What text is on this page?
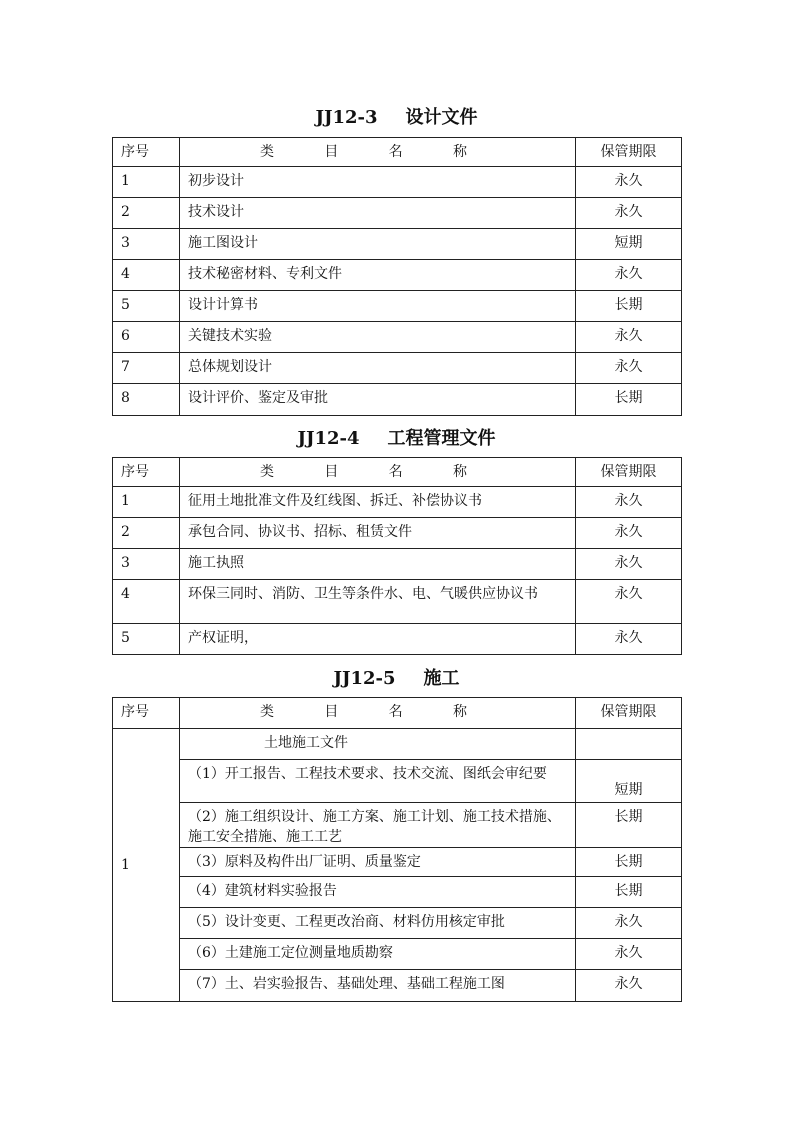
JJ12-3 设计文件
序号	类 目 名 称	保管期限
1	初步设计	永久
2	技术设计	永久
3	施工图设计	短期
4	技术秘密材料、专利文件	永久
5	设计计算书	长期
6	关键技术实验	永久
7	总体规划设计	永久
8	设计评价、鉴定及审批	长期
JJ12-4 工程管理文件
序号	类 目 名 称	保管期限
1	征用土地批准文件及红线图、拆迁、补偿协议书	永久
2	承包合同、协议书、招标、租赁文件	永久
3	施工执照	永久
4	环保三同时、消防、卫生等条件水、电、气暖供应协议书	永久
5	产权证明，	永久
JJ12-5 施工
序号	类 目 名 称	保管期限
1	土地施工文件	
	（1）开工报告、工程技术要求、技术交流、图纸会审纪要	短期
	（2）施工组织设计、施工方案、施工计划、施工技术措施、施工安全措施、施工工艺	长期
	（3）原料及构件出厂证明、质量鉴定	长期
	（4）建筑材料实验报告	长期
	（5）设计变更、工程更改治商、材料仿用核定审批	永久
	（6）土建施工定位测量地质勘察	永久
	（7）土、岩实验报告、基础处理、基础工程施工图	永久
